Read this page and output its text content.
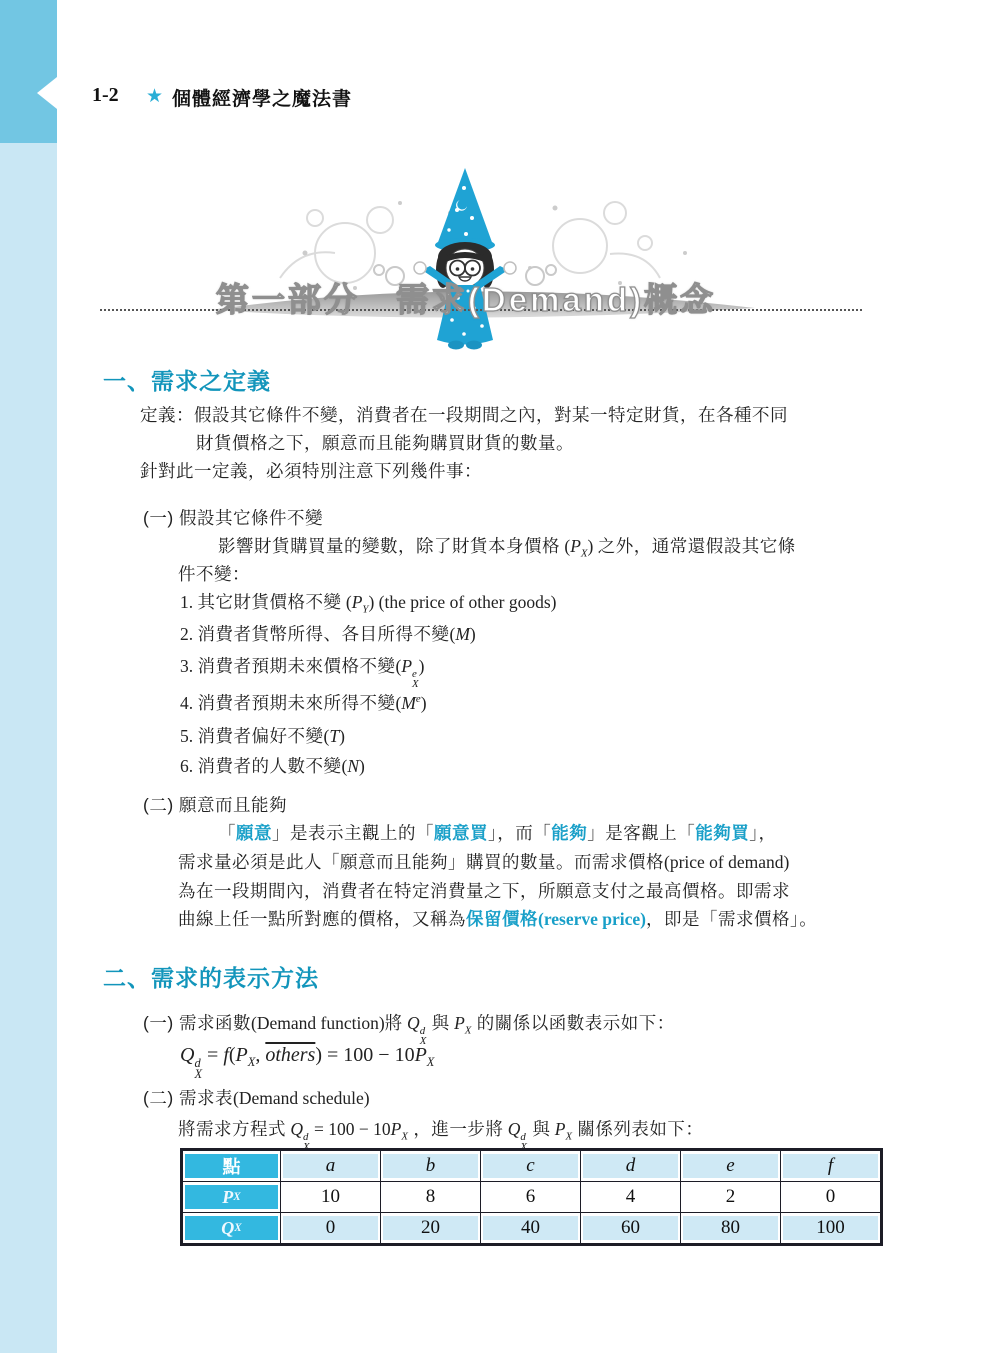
1-2 ★ 個體經濟學之魔法書
第一部分　需求(Demand)概念
一、需求之定義
定義：假設其它條件不變，消費者在一段期間之內，對某一特定財貨，在各種不同
財貨價格之下，願意而且能夠購買財貨的數量。
針對此一定義，必須特別注意下列幾件事：
(一) 假設其它條件不變
影響財貨購買量的變數，除了財貨本身價格 $(P_X)$ 之外，通常還假設其它條
件不變：
1. 其它財貨價格不變 $(P_Y)$ (the price of other goods)
2. 消費者貨幣所得、各目所得不變(M)
3. 消費者預期未來價格不變(P e
X
)
4. 消費者預期未來所得不變(Me)
5. 消費者偏好不變(T)
6. 消費者的人數不變(N)
(二) 願意而且能夠
「願意」是表示主觀上的「願意買」，而「能夠」是客觀上「能夠買」，
需求量必須是此人「願意而且能夠」購買的數量。而需求價格(price of demand)
為在一段期間內，消費者在特定消費量之下，所願意支付之最高價格。即需求
曲線上任一點所對應的價格，又稱為保留價格(reserve price)，即是「需求價格」。
二、需求的表示方法
(一) 需求函數(Demand function)將 Q d
X
與 $P_X$ 的關係以函數表示如下：
Q d
X
= $f(P_X$, others) = $100 - 10P_X$
(二) 需求表(Demand schedule)
將需求方程式 Q d
X
= $100 - 10P_X$ ，進一步將 Q d
X
與 $P_X$ 關係列表如下：
點	a	b	c	d	e	f

P X	10	8	6	4	2	0

Q X	0	20	40	60	80	100
